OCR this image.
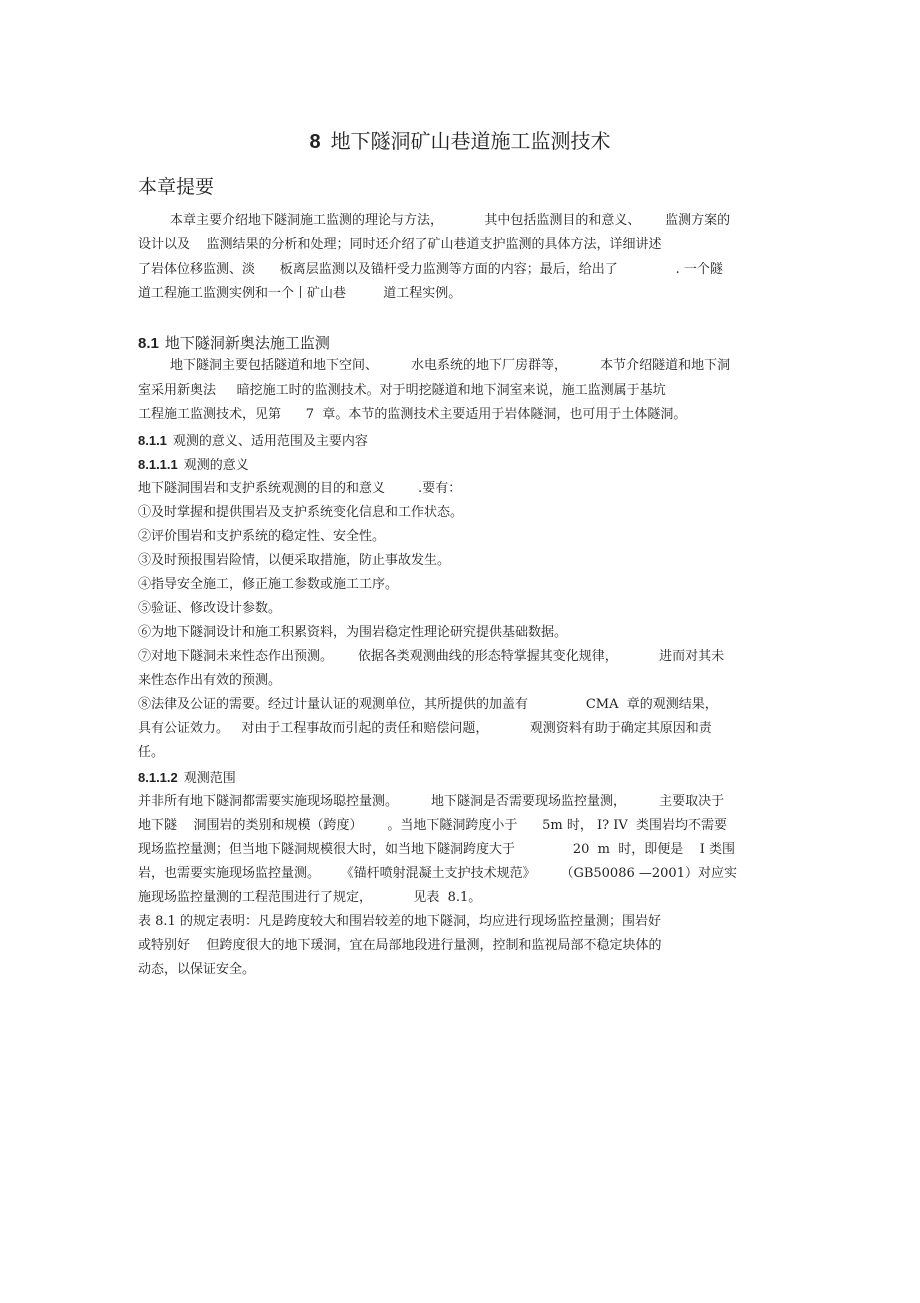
8 地下隧洞矿山巷道施工监测技术
本章提要
本章主要介绍地下隧洞施工监测的理论与方法，          其中包括监测目的和意义、      监测方案的
设计以及    监测结果的分析和处理；同时还介绍了矿山巷道支护监测的具体方法，详细讲述
了岩体位移监测、淡      板离层监测以及锚杆受力监测等方面的内容；最后，给出了              . 一个隧
道工程施工监测实例和一个丨矿山巷         道工程实例。
8.1 地下隧洞新奥法施工监测
地下隧洞主要包括隧道和地下空间、        水电系统的地下厂房群等，        本节介绍隧道和地下洞
室采用新奥法     暗挖施工时的监测技术。对于明挖隧道和地下洞室来说，施工监测属于基坑
工程施工监测技术，见第      7  章。本节的监测技术主要适用于岩体隧洞，也可用于土体隧洞。
8.1.1 观测的意义、适用范围及主要内容
8.1.1.1 观测的意义
地下隧洞围岩和支护系统观测的目的和意义        .要有：
①及时掌握和提供围岩及支护系统变化信息和工作状态。
②评价围岩和支护系统的稳定性、安全性。
③及时预报围岩险情，以便采取措施，防止事故发生。
④指导安全施工，修正施工参数或施工工序。
⑤验证、修改设计参数。
⑥为地下隧洞设计和施工积累资料，为围岩稳定性理论研究提供基础数据。
⑦对地下隧洞未来性态作出预测。      依据各类观测曲线的形态特掌握其变化规律，          进而对其未
来性态作出有效的预测。
⑧法律及公证的需要。经过计量认证的观测单位，其所提供的加盖有              CMA  章的观测结果，
具有公证效力。   对由于工程事故而引起的责任和赔偿问题，          观测资料有助于确定其原因和责
任。
8.1.1.2 观测范围
并非所有地下隧洞都需要实施现场聪控量测。        地下隧洞是否需要现场监控量测，        主要取决于
地下隧    洞围岩的类别和规模（跨度）      。当地下隧洞跨度小于      5m 时， I? IV  类围岩均不需要
现场监控量测；但当地下隧洞规模很大时，如当地下隧洞跨度大于              20  m  时，即便是    I 类围
岩，也需要实施现场监控量测。     《锚杆喷射混凝土支护技术规范》      （GB50086 —2001）对应实
施现场监控量测的工程范围进行了规定，          见表  8.1。
表 8.1 的规定表明：凡是跨度较大和围岩较差的地下隧洞，均应进行现场监控量测；围岩好
或特别好    但跨度很大的地下瑗洞，宜在局部地段进行量测，控制和监视局部不稳定块体的
动态，以保证安全。
